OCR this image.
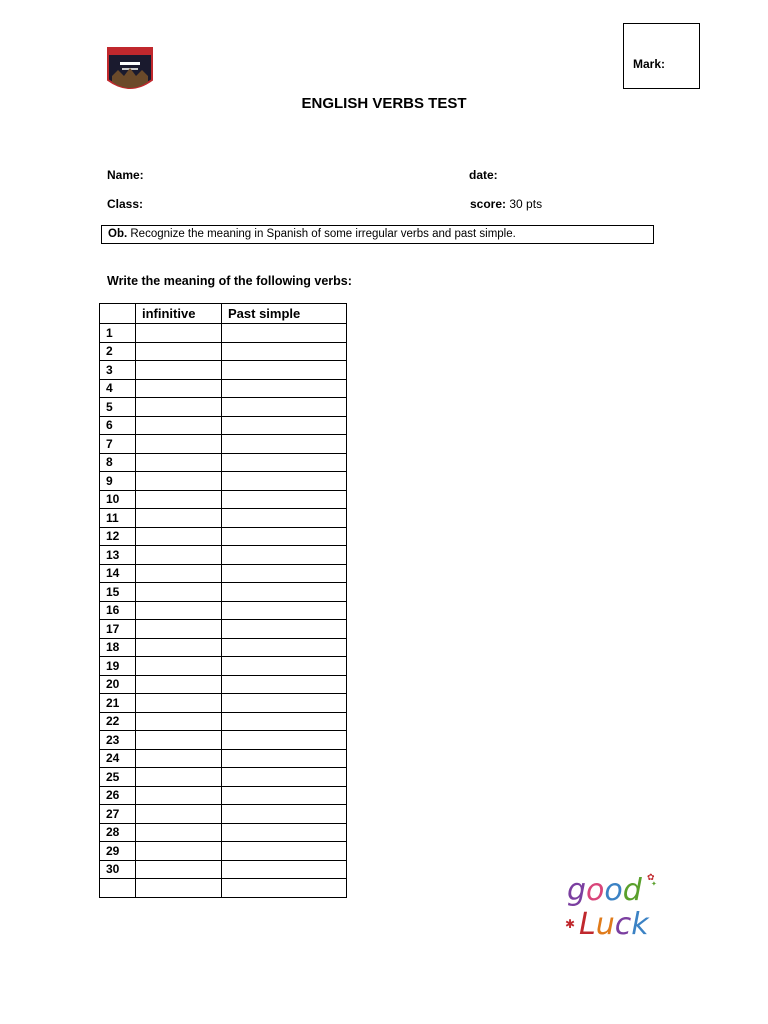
Mark:
ENGLISH VERBS TEST
Name:	date:
Class:	score: 30 pts
Ob. Recognize the meaning in Spanish of some irregular verbs and past simple.
Write the meaning of the following verbs:
	infinitive	Past simple
1		
2		
3		
4		
5		
6		
7		
8		
9		
10		
11		
12		
13		
14		
15		
16		
17		
18		
19		
20		
21		
22		
23		
24		
25		
26		
27		
28		
29		
30		

good
Luck
✱
✿
✦
